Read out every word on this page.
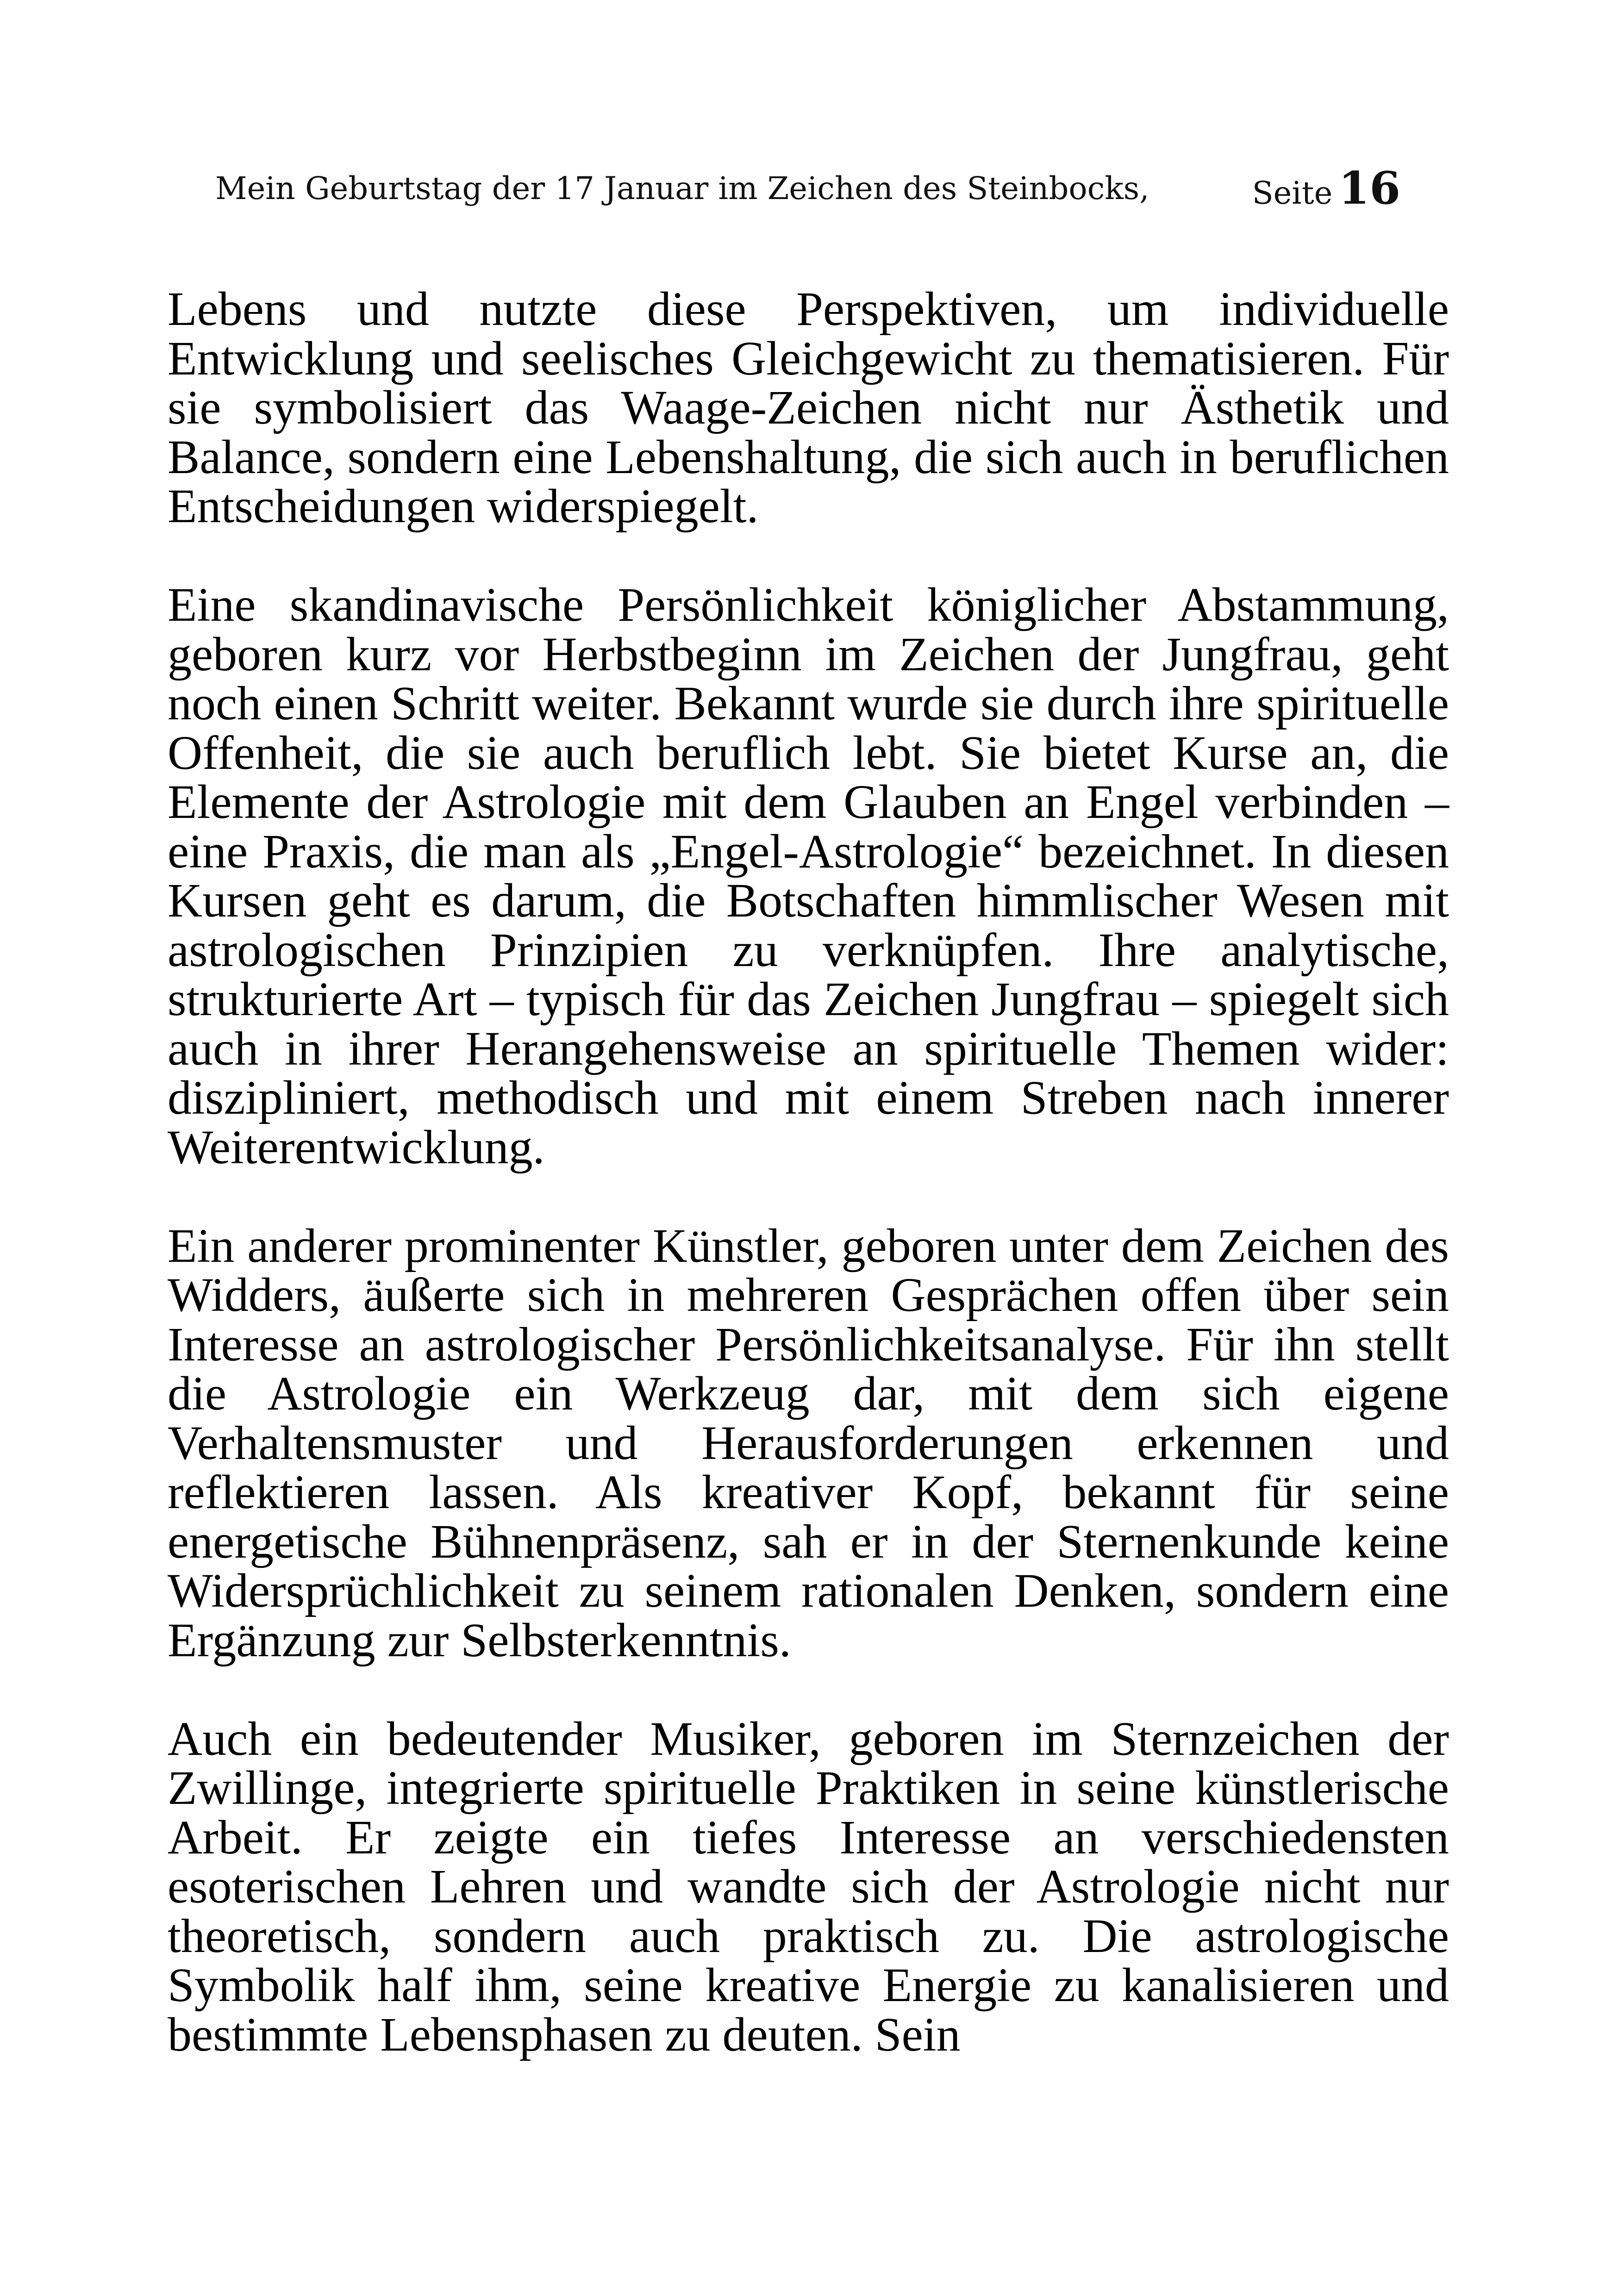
Mein Geburtstag der 17 Januar im Zeichen des Steinbocks,	Seite 16

Lebens und nutzte diese Perspektiven, um individuelle Entwicklung und seelisches Gleichgewicht zu thematisieren. Für sie symbolisiert das Waage-Zeichen nicht nur Ästhetik und Balance, sondern eine Lebenshaltung, die sich auch in beruflichen Entscheidungen widerspiegelt.

Eine skandinavische Persönlichkeit königlicher Abstammung, geboren kurz vor Herbstbeginn im Zeichen der Jungfrau, geht noch einen Schritt weiter. Bekannt wurde sie durch ihre spirituelle Offenheit, die sie auch beruflich lebt. Sie bietet Kurse an, die Elemente der Astrologie mit dem Glauben an Engel verbinden – eine Praxis, die man als „Engel-Astrologie“ bezeichnet. In diesen Kursen geht es darum, die Botschaften himmlischer Wesen mit astrologischen Prinzipien zu verknüpfen. Ihre analytische, strukturierte Art – typisch für das Zeichen Jungfrau – spiegelt sich auch in ihrer Herangehensweise an spirituelle Themen wider: diszipliniert, methodisch und mit einem Streben nach innerer Weiterentwicklung.

Ein anderer prominenter Künstler, geboren unter dem Zeichen des Widders, äußerte sich in mehreren Gesprächen offen über sein Interesse an astrologischer Persönlichkeitsanalyse. Für ihn stellt die Astrologie ein Werkzeug dar, mit dem sich eigene Verhaltensmuster und Herausforderungen erkennen und reflektieren lassen. Als kreativer Kopf, bekannt für seine energetische Bühnenpräsenz, sah er in der Sternenkunde keine Widersprüchlichkeit zu seinem rationalen Denken, sondern eine Ergänzung zur Selbsterkenntnis.

Auch ein bedeutender Musiker, geboren im Sternzeichen der Zwillinge, integrierte spirituelle Praktiken in seine künstlerische Arbeit. Er zeigte ein tiefes Interesse an verschiedensten esoterischen Lehren und wandte sich der Astrologie nicht nur theoretisch, sondern auch praktisch zu. Die astrologische Symbolik half ihm, seine kreative Energie zu kanalisieren und bestimmte Lebensphasen zu deuten. Sein
